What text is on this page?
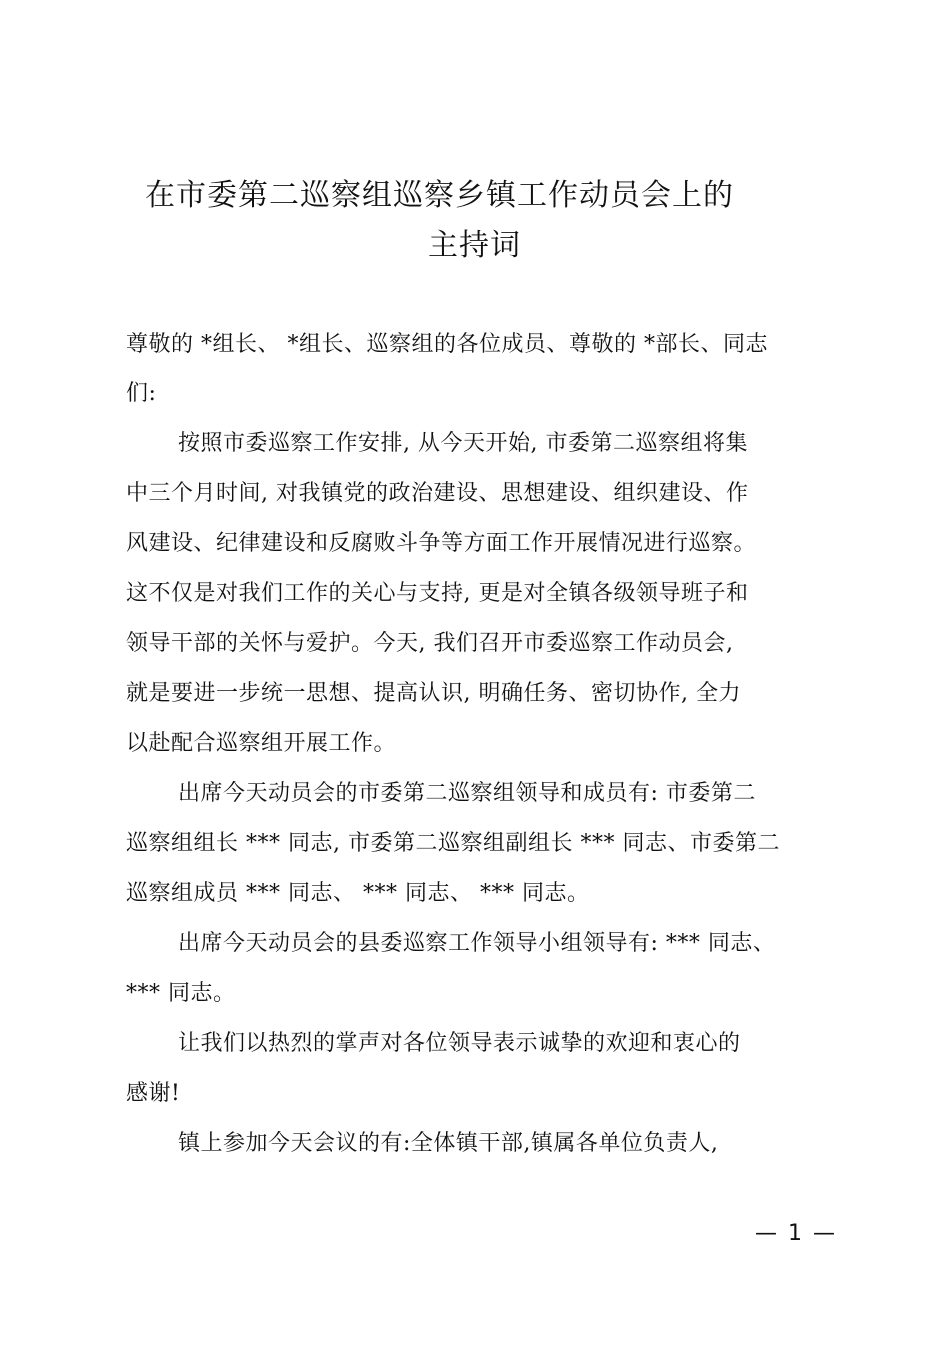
在市委第二巡察组巡察乡镇工作动员会上的
主持词
尊敬的 *组长、 *组长、巡察组的各位成员、尊敬的 *部长、同志
们:
按照市委巡察工作安排, 从今天开始, 市委第二巡察组将集
中三个月时间, 对我镇党的政治建设、思想建设、组织建设、作
风建设、纪律建设和反腐败斗争等方面工作开展情况进行巡察。
这不仅是对我们工作的关心与支持, 更是对全镇各级领导班子和
领导干部的关怀与爱护。今天, 我们召开市委巡察工作动员会,
就是要进一步统一思想、提高认识, 明确任务、密切协作, 全力
以赴配合巡察组开展工作。
出席今天动员会的市委第二巡察组领导和成员有: 市委第二
巡察组组长 *** 同志, 市委第二巡察组副组长 *** 同志、市委第二
巡察组成员 *** 同志、 *** 同志、 *** 同志。
出席今天动员会的县委巡察工作领导小组领导有: *** 同志、
*** 同志。
让我们以热烈的掌声对各位领导表示诚挚的欢迎和衷心的
感谢!
镇上参加今天会议的有:全体镇干部,镇属各单位负责人,
— 1 —
